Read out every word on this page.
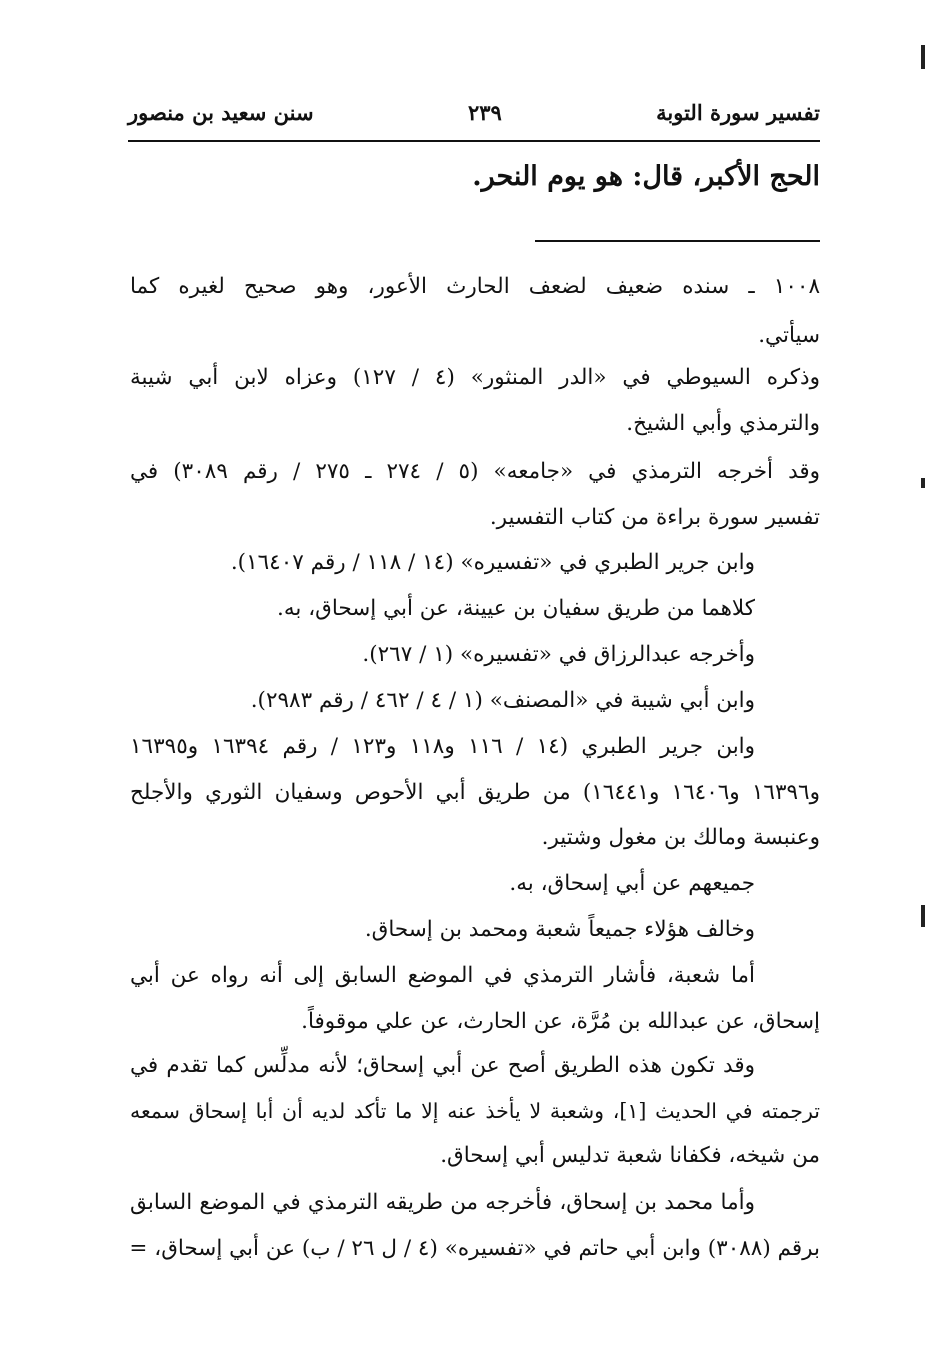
تفسير سورة التوبة
٢٣٩
سنن سعيد بن منصور
الحج الأكبر، قال: هو يوم النحر.
١٠٠٨ ـ سنده ضعيف لضعف الحارث الأعور، وهو صحيح لغيره كما
سيأتي.
وذكره السيوطي في «الدر المنثور» (٤ / ١٢٧) وعزاه لابن أبي شيبة
والترمذي وأبي الشيخ.
وقد أخرجه الترمذي في «جامعه» (٥ / ٢٧٤ ـ ٢٧٥ / رقم ٣٠٨٩) في
تفسير سورة براءة من كتاب التفسير.
وابن جرير الطبري في «تفسيره» (١٤ / ١١٨ / رقم ١٦٤٠٧).
كلاهما من طريق سفيان بن عيينة، عن أبي إسحاق، به.
وأخرجه عبدالرزاق في «تفسيره» (١ / ٢٦٧).
وابن أبي شيبة في «المصنف» (١ / ٤ / ٤٦٢ / رقم ٢٩٨٣).
وابن جرير الطبري (١٤ / ١١٦ و١١٨ و١٢٣ / رقم ١٦٣٩٤ و١٦٣٩٥
و١٦٣٩٦ و١٦٤٠٦ و١٦٤٤١) من طريق أبي الأحوص وسفيان الثوري والأجلح
وعنبسة ومالك بن مغول وشتير.
جميعهم عن أبي إسحاق، به.
وخالف هؤلاء جميعاً شعبة ومحمد بن إسحاق.
أما شعبة، فأشار الترمذي في الموضع السابق إلى أنه رواه عن أبي
إسحاق، عن عبدالله بن مُرَّة، عن الحارث، عن علي موقوفاً.
وقد تكون هذه الطريق أصح عن أبي إسحاق؛ لأنه مدلِّس كما تقدم في
ترجمته في الحديث [١]، وشعبة لا يأخذ عنه إلا ما تأكد لديه أن أبا إسحاق سمعه
من شيخه، فكفانا شعبة تدليس أبي إسحاق.
وأما محمد بن إسحاق، فأخرجه من طريقه الترمذي في الموضع السابق
برقم (٣٠٨٨) وابن أبي حاتم في «تفسيره» (٤ / ل ٢٦ / ب) عن أبي إسحاق، =
